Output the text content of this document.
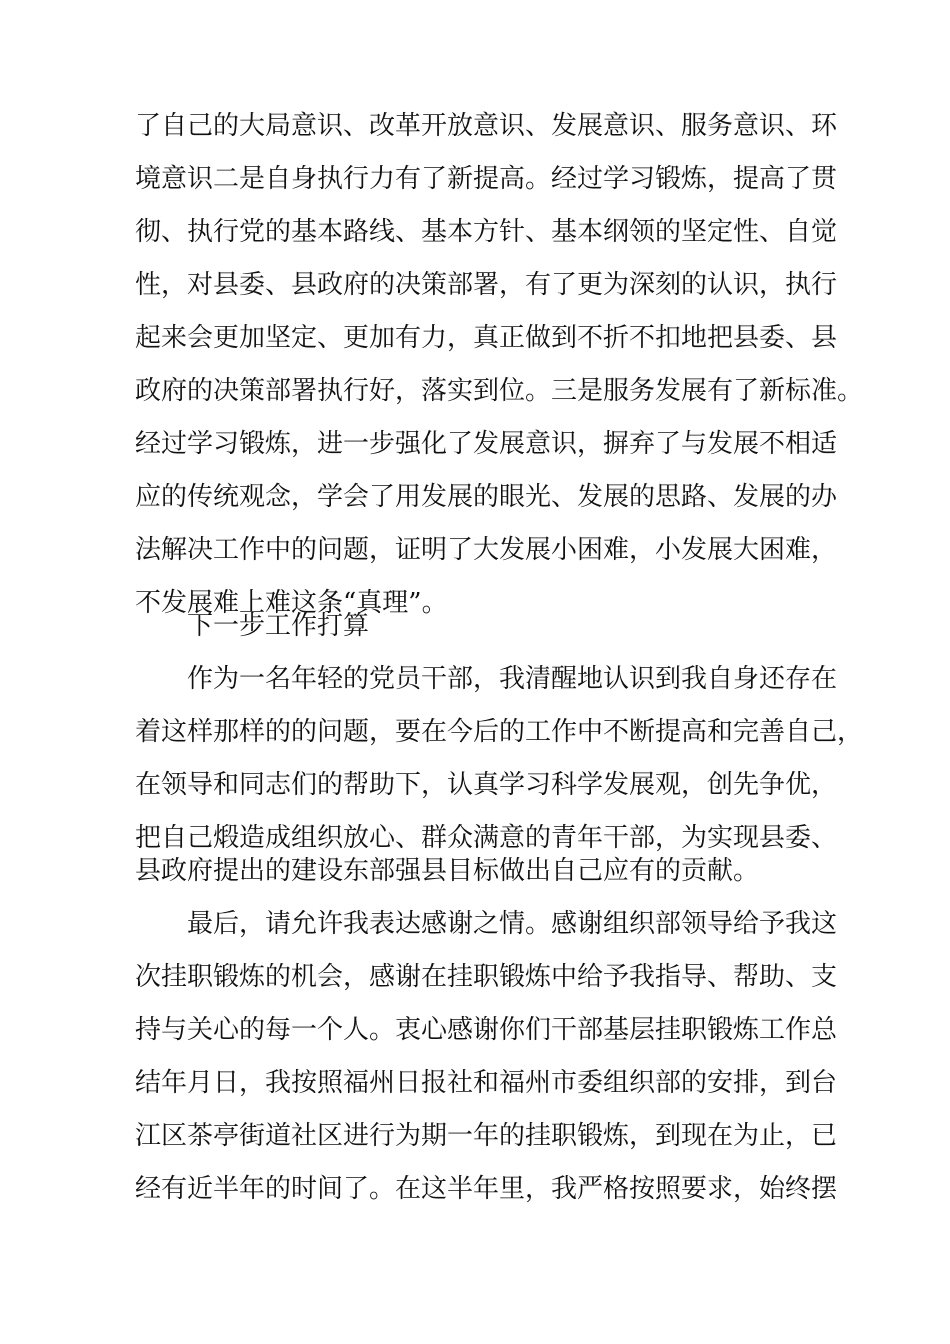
了自己的大局意识、改革开放意识、发展意识、服务意识、环

境意识二是自身执行力有了新提高。经过学习锻炼，提高了贯

彻、执行党的基本路线、基本方针、基本纲领的坚定性、自觉

性，对县委、县政府的决策部署，有了更为深刻的认识，执行

起来会更加坚定、更加有力，真正做到不折不扣地把县委、县

政府的决策部署执行好，落实到位。三是服务发展有了新标准。

经过学习锻炼，进一步强化了发展意识，摒弃了与发展不相适

应的传统观念，学会了用发展的眼光、发展的思路、发展的办

法解决工作中的问题，证明了大发展小困难，小发展大困难，

不发展难上难这条“真理”。

下一步工作打算

作为一名年轻的党员干部，我清醒地认识到我自身还存在

着这样那样的的问题，要在今后的工作中不断提高和完善自己，

在领导和同志们的帮助下，认真学习科学发展观，创先争优，

把自己煅造成组织放心、群众满意的青年干部，为实现县委、

县政府提出的建设东部强县目标做出自己应有的贡献。

最后，请允许我表达感谢之情。感谢组织部领导给予我这

次挂职锻炼的机会，感谢在挂职锻炼中给予我指导、帮助、支

持与关心的每一个人。衷心感谢你们干部基层挂职锻炼工作总

结年月日，我按照福州日报社和福州市委组织部的安排，到台

江区茶亭街道社区进行为期一年的挂职锻炼，到现在为止，已

经有近半年的时间了。在这半年里，我严格按照要求，始终摆
